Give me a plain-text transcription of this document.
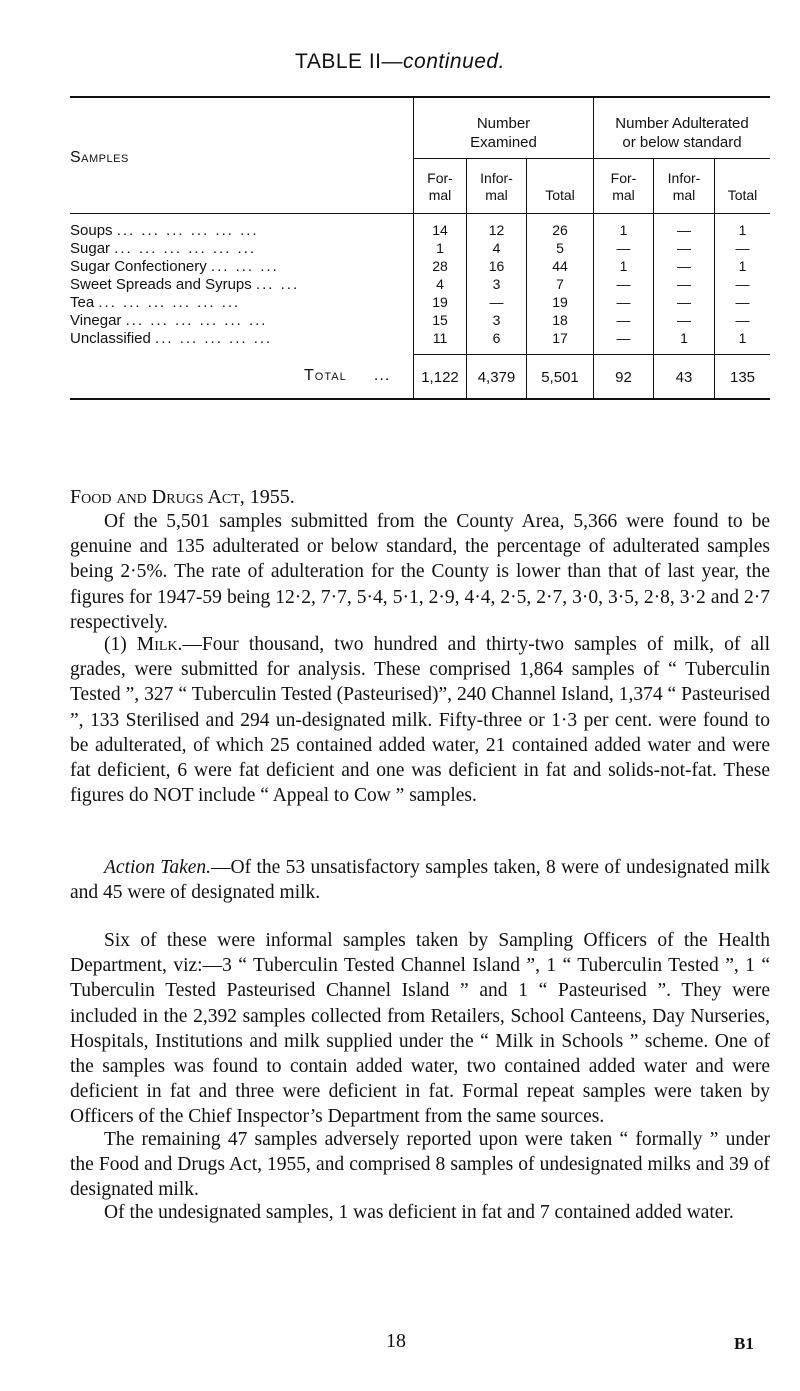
TABLE II—continued.
Samples
Number
Examined
Number Adulterated
or below standard
For-
mal
Infor-
mal	Total
For-
mal
Infor-
mal	Total
Soups ... ... ... ... ... ...	14	12	26	1	—	1
Sugar ... ... ... ... ... ...	1	4	5	—	—	—
Sugar Confectionery ... ... ...	28	16	44	1	—	1
Sweet Spreads and Syrups ... ...	4	3	7	—	—	—
Tea ... ... ... ... ... ...	19	—	19	—	—	—
Vinegar ... ... ... ... ... ...	15	3	18	—	—	—
Unclassified ... ... ... ... ...	11	6	17	—	1	1
Total ...	1,122	4,379	5,501	92	43	135
Food and Drugs Act, 1955.

Of the 5,501 samples submitted from the County Area, 5,366 were found to be genuine and 135 adulterated or below standard, the percentage of adulterated samples being 2·5%. The rate of adulteration for the County is lower than that of last year, the figures for 1947-59 being 12·2, 7·7, 5·4, 5·1, 2·9, 4·4, 2·5, 2·7, 3·0, 3·5, 2·8, 3·2 and 2·7 respectively.

(1) Milk.—Four thousand, two hundred and thirty-two samples of milk, of all grades, were submitted for analysis. These comprised 1,864 samples of “ Tuberculin Tested ”, 327 “ Tuberculin Tested (Pasteurised)”, 240 Channel Island, 1,374 “ Pasteurised ”, 133 Sterilised and 294 un-designated milk. Fifty-three or 1·3 per cent. were found to be adulterated, of which 25 contained added water, 21 contained added water and were fat deficient, 6 were fat deficient and one was deficient in fat and solids-not-fat. These figures do NOT include “ Appeal to Cow ” samples.

Action Taken.—Of the 53 unsatisfactory samples taken, 8 were of undesignated milk and 45 were of designated milk.

Six of these were informal samples taken by Sampling Officers of the Health Department, viz:—3 “ Tuberculin Tested Channel Island ”, 1 “ Tuberculin Tested ”, 1 “ Tuberculin Tested Pasteurised Channel Island ” and 1 “ Pasteurised ”. They were included in the 2,392 samples collected from Retailers, School Canteens, Day Nurseries, Hospitals, Institutions and milk supplied under the “ Milk in Schools ” scheme. One of the samples was found to contain added water, two contained added water and were deficient in fat and three were deficient in fat. Formal repeat samples were taken by Officers of the Chief Inspector’s Department from the same sources.

The remaining 47 samples adversely reported upon were taken “ formally ” under the Food and Drugs Act, 1955, and comprised 8 samples of undesignated milks and 39 of designated milk.

Of the undesignated samples, 1 was deficient in fat and 7 contained added water.

18	B1
